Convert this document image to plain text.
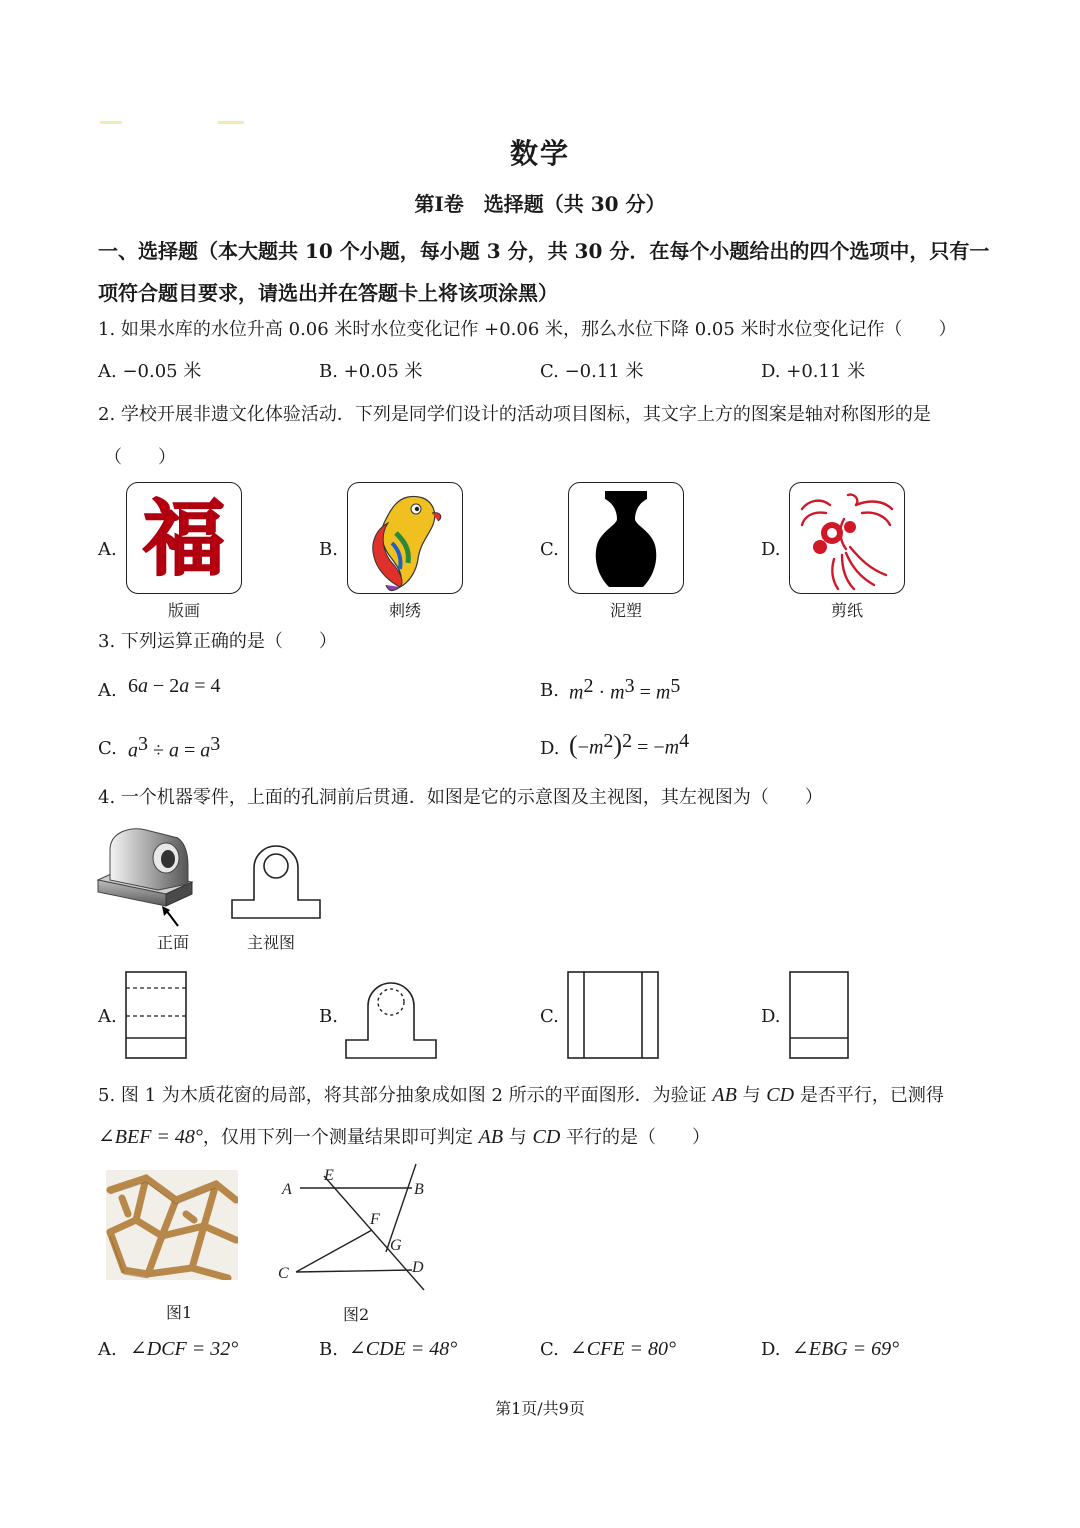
数学
第Ⅰ卷　选择题（共 30 分）
一、选择题（本大题共 10 个小题，每小题 3 分，共 30 分．在每个小题给出的四个选项中，只有一项符合题目要求，请选出并在答题卡上将该项涂黑）
1. 如果水库的水位升高 0.06 米时水位变化记作 +0.06 米，那么水位下降 0.05 米时水位变化记作（　　）
A. −0.05 米	B. +0.05 米	C. −0.11 米	D. +0.11 米
2. 学校开展非遗文化体验活动．下列是同学们设计的活动项目图标，其文字上方的图案是轴对称图形的是
（　　）
A. 福
版画
B.
刺绣
C.
泥塑
D.
剪纸
3. 下列运算正确的是（　　）
A. 6a − 2a = 4	B. $m^2 \cdot m^3 = m^5$
C. $a^3 \div a = a^3$	D. $(-m^2)^2 = -m^4$
4. 一个机器零件，上面的孔洞前后贯通．如图是它的示意图及主视图，其左视图为（　　）
正面	主视图
A.	B.	C.	D.
5. 图 1 为木质花窗的局部，将其部分抽象成如图 2 所示的平面图形．为验证 AB 与 CD 是否平行，已测得
∠BEF = 48°，仅用下列一个测量结果即可判定 AB 与 CD 平行的是（　　）
图1
A
E
B
F
G
C	D
图2
A. ∠DCF = 32°	B. ∠CDE = 48°	C. ∠CFE = 80°	D. ∠EBG = 69°
第1页/共9页
